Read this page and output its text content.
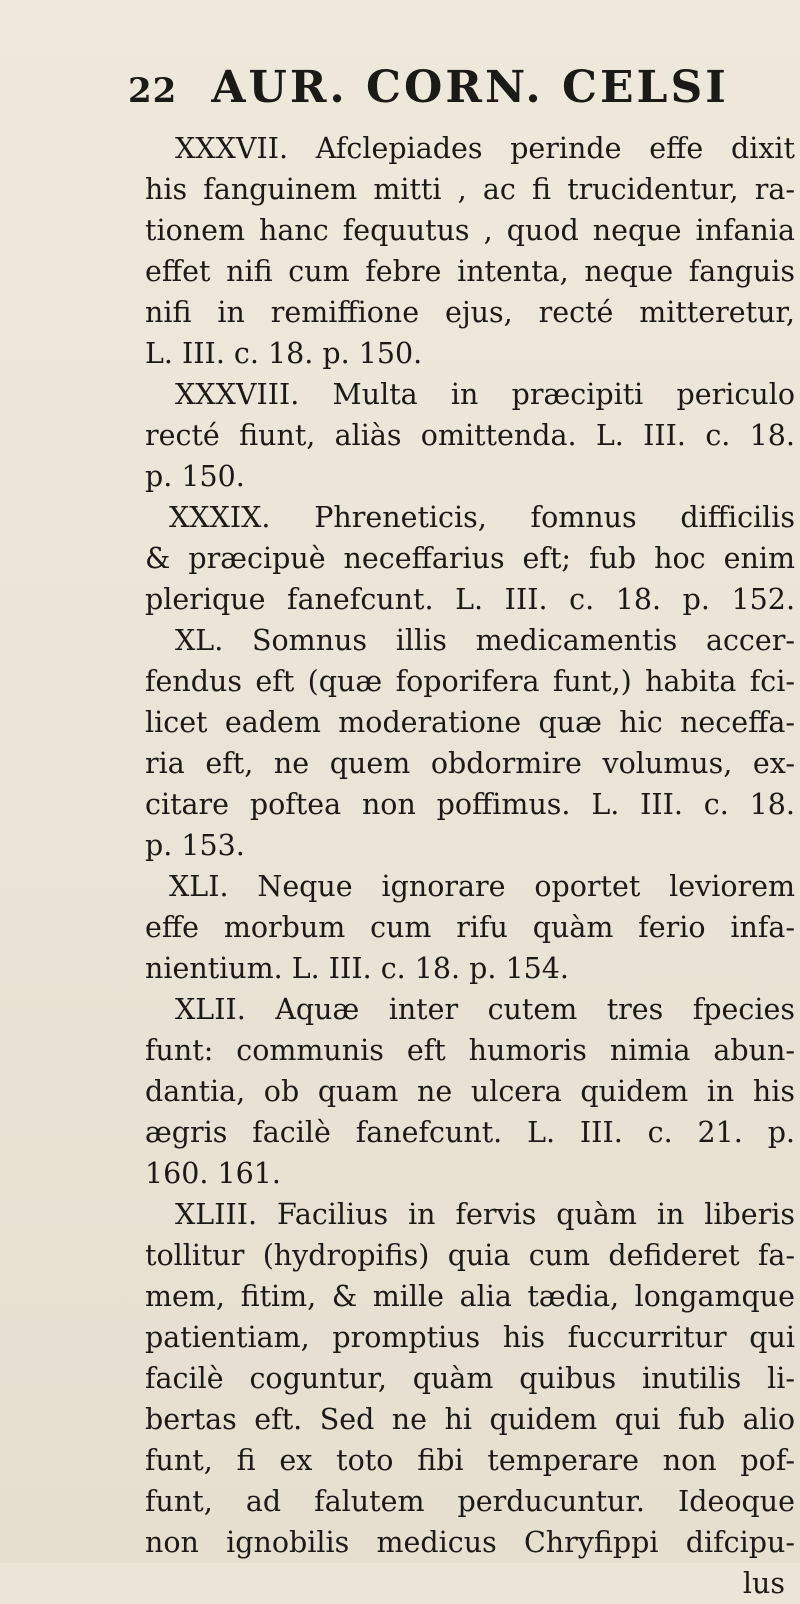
22 AUR. CORN. CELSI
XXXVII. Afclepiades perinde effe dixit
his fanguinem mitti , ac fi trucidentur, ra-
tionem hanc fequutus , quod neque infania
effet nifi cum febre intenta, neque fanguis
nifi in remiffione ejus, recté mitteretur,
L. III. c. 18. p. 150.
XXXVIII. Multa in præcipiti periculo
recté fiunt, aliàs omittenda. L. III. c. 18.
p. 150.
XXXIX. Phreneticis, fomnus difficilis
& præcipuè neceffarius eft; fub hoc enim
plerique fanefcunt. L. III. c. 18. p. 152.
XL. Somnus illis medicamentis accer-
fendus eft (quæ foporifera funt,) habita fci-
licet eadem moderatione quæ hic neceffa-
ria eft, ne quem obdormire volumus, ex-
citare poftea non poffimus. L. III. c. 18.
p. 153.
XLI. Neque ignorare oportet leviorem
effe morbum cum rifu quàm ferio infa-
nientium. L. III. c. 18. p. 154.
XLII. Aquæ inter cutem tres fpecies
funt: communis eft humoris nimia abun-
dantia, ob quam ne ulcera quidem in his
ægris facilè fanefcunt. L. III. c. 21. p.
160. 161.
XLIII. Facilius in fervis quàm in liberis
tollitur (hydropifis) quia cum defideret fa-
mem, fitim, & mille alia tædia, longamque
patientiam, promptius his fuccurritur qui
facilè coguntur, quàm quibus inutilis li-
bertas eft. Sed ne hi quidem qui fub alio
funt, fi ex toto fibi temperare non pof-
funt, ad falutem perducuntur. Ideoque
non ignobilis medicus Chryfippi difcipu-
lus
